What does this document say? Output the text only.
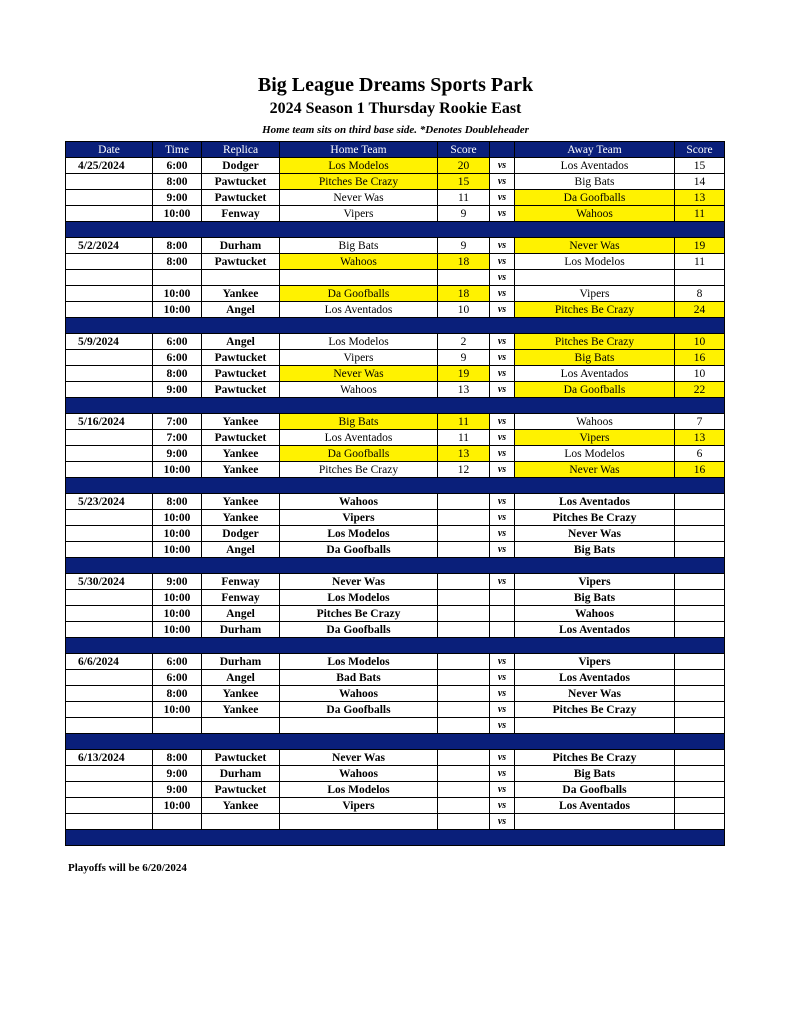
Big League Dreams Sports Park
2024 Season 1 Thursday Rookie East
Home team sits on third base side. *Denotes Doubleheader
Date	Time	Replica	Home Team	Score		Away Team	Score
4/25/2024	6:00	Dodger	Los Modelos	20	vs	Los Aventados	15
	8:00	Pawtucket	Pitches Be Crazy	15	vs	Big Bats	14
	9:00	Pawtucket	Never Was	11	vs	Da Goofballs	13
	10:00	Fenway	Vipers	9	vs	Wahoos	11

5/2/2024	8:00	Durham	Big Bats	9	vs	Never Was	19
	8:00	Pawtucket	Wahoos	18	vs	Los Modelos	11
					vs		
	10:00	Yankee	Da Goofballs	18	vs	Vipers	8
	10:00	Angel	Los Aventados	10	vs	Pitches Be Crazy	24

5/9/2024	6:00	Angel	Los Modelos	2	vs	Pitches Be Crazy	10
	6:00	Pawtucket	Vipers	9	vs	Big Bats	16
	8:00	Pawtucket	Never Was	19	vs	Los Aventados	10
	9:00	Pawtucket	Wahoos	13	vs	Da Goofballs	22

5/16/2024	7:00	Yankee	Big Bats	11	vs	Wahoos	7
	7:00	Pawtucket	Los Aventados	11	vs	Vipers	13
	9:00	Yankee	Da Goofballs	13	vs	Los Modelos	6
	10:00	Yankee	Pitches Be Crazy	12	vs	Never Was	16

5/23/2024	8:00	Yankee	Wahoos		vs	Los Aventados	
	10:00	Yankee	Vipers		vs	Pitches Be Crazy	
	10:00	Dodger	Los Modelos		vs	Never Was	
	10:00	Angel	Da Goofballs		vs	Big Bats	

5/30/2024	9:00	Fenway	Never Was		vs	Vipers	
	10:00	Fenway	Los Modelos			Big Bats	
	10:00	Angel	Pitches Be Crazy			Wahoos	
	10:00	Durham	Da Goofballs			Los Aventados	

6/6/2024	6:00	Durham	Los Modelos		vs	Vipers	
	6:00	Angel	Bad Bats		vs	Los Aventados	
	8:00	Yankee	Wahoos		vs	Never Was	
	10:00	Yankee	Da Goofballs		vs	Pitches Be Crazy	
					vs		

6/13/2024	8:00	Pawtucket	Never Was		vs	Pitches Be Crazy	
	9:00	Durham	Wahoos		vs	Big Bats	
	9:00	Pawtucket	Los Modelos		vs	Da Goofballs	
	10:00	Yankee	Vipers		vs	Los Aventados	
					vs		

Playoffs will be 6/20/2024
